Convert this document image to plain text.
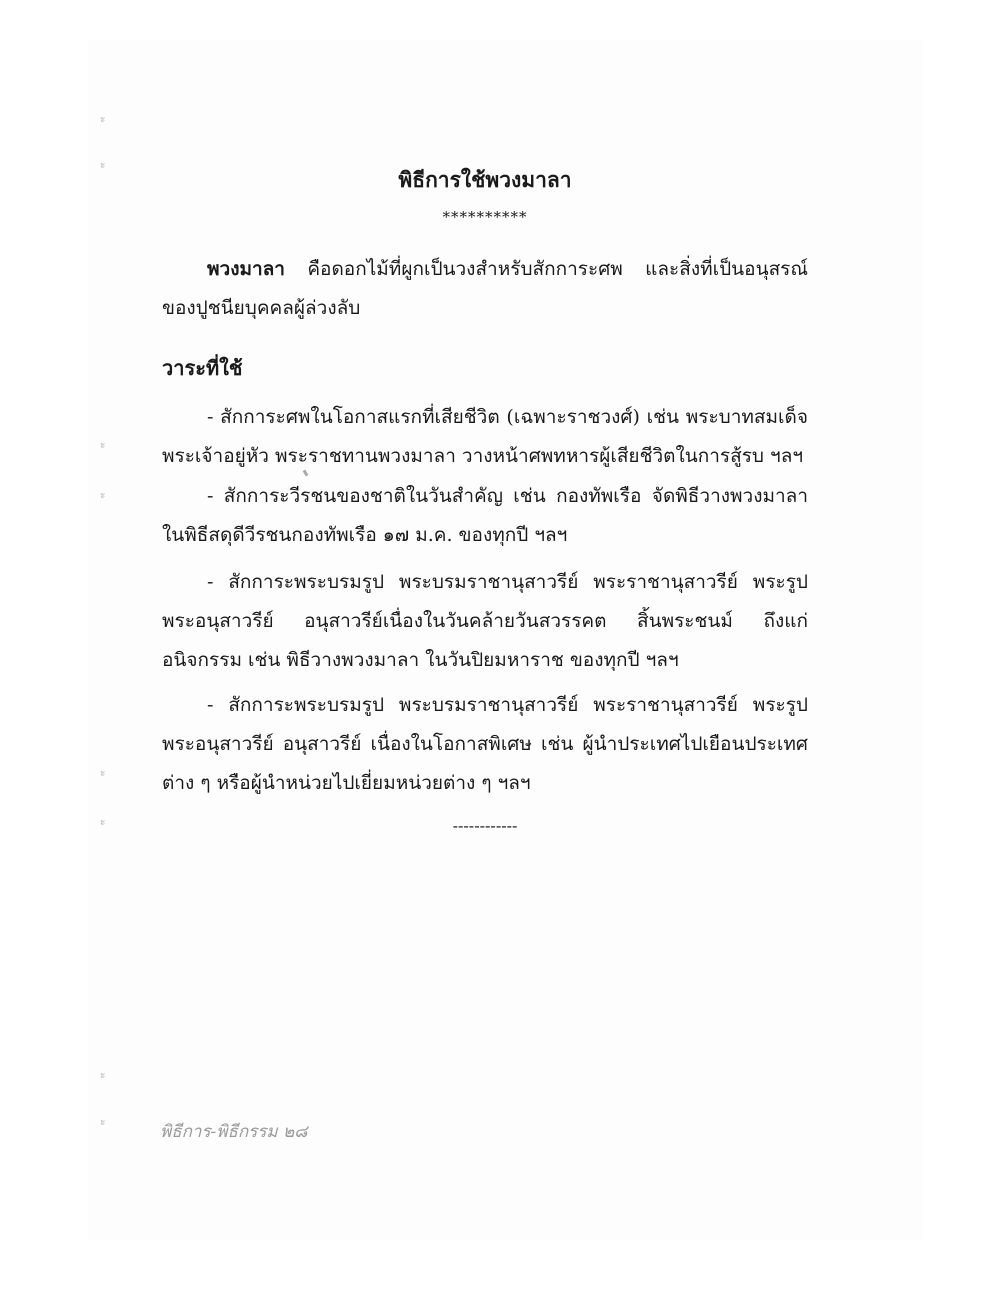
ะ
ะ
ะ
ะ
ะ
ะ
ะ
ะ
พิธีการใช้พวงมาลา
**********
พวงมาลา คือดอกไม้ที่ผูกเป็นวงสำหรับสักการะศพ และสิ่งที่เป็นอนุสรณ์ของปูชนียบุคคลผู้ล่วงลับ
วาระที่ใช้
- สักการะศพในโอกาสแรกที่เสียชีวิต (เฉพาะราชวงศ์) เช่น พระบาทสมเด็จพระเจ้าอยู่หัว พระราชทานพวงมาลา วางหน้าศพทหารผู้เสียชีวิตในการสู้รบ ฯลฯ
- สักการะวีรชนของชาติในวันสำคัญ เช่น กองทัพเรือ จัดพิธีวางพวงมาลาในพิธีสดุดีวีรชนกองทัพเรือ ๑๗ ม.ค. ของทุกปี ฯลฯ
- สักการะพระบรมรูป พระบรมราชานุสาวรีย์ พระราชานุสาวรีย์ พระรูป พระอนุสาวรีย์ อนุสาวรีย์เนื่องในวันคล้ายวันสวรรคต สิ้นพระชนม์ ถึงแก่อนิจกรรม เช่น พิธีวางพวงมาลา ในวันปิยมหาราช ของทุกปี ฯลฯ
- สักการะพระบรมรูป พระบรมราชานุสาวรีย์ พระราชานุสาวรีย์ พระรูป พระอนุสาวรีย์ อนุสาวรีย์ เนื่องในโอกาสพิเศษ เช่น ผู้นำประเทศไปเยือนประเทศต่าง ๆ หรือผู้นำหน่วยไปเยี่ยมหน่วยต่าง ๆ ฯลฯ
------------
พิธีการ-พิธีกรรม ๒๘
